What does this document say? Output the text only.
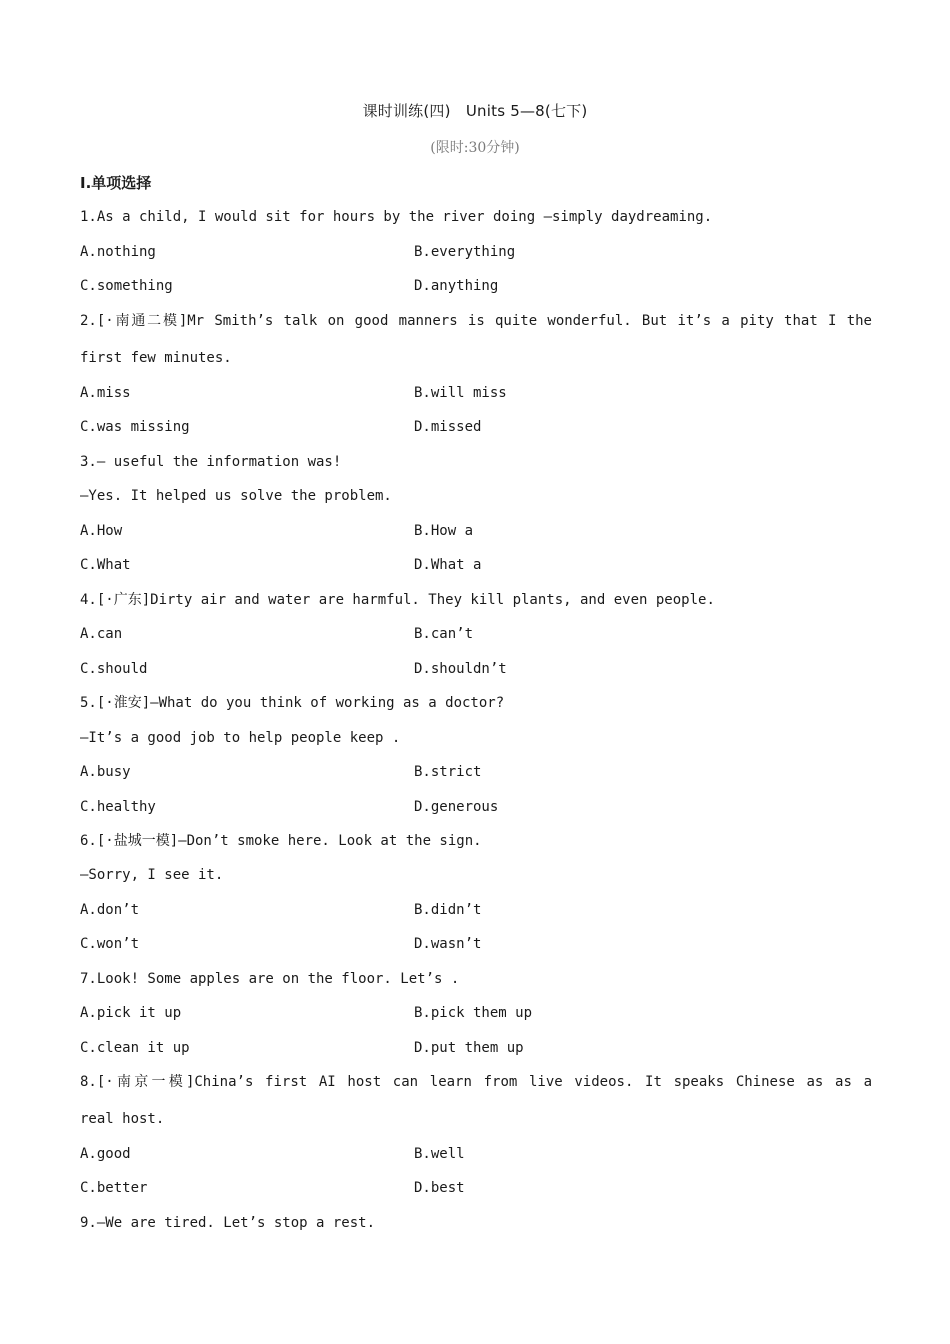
课时训练(四)　Units 5—8(七下)
(限时:30分钟)
Ⅰ.单项选择
1.As a child, I would sit for hours by the river doing —simply daydreaming.
A.nothing	B.everything
C.something	D.anything
2.[·南通二模]Mr Smith’s talk on good manners is quite wonderful. But it’s a pity that I the
first few minutes.
A.miss	B.will miss
C.was missing	D.missed
3.— useful the information was!
—Yes. It helped us solve the problem.
A.How	B.How a
C.What	D.What a
4.[·广东]Dirty air and water are harmful. They kill plants, and even people.
A.can	B.can’t
C.should	D.shouldn’t
5.[·淮安]—What do you think of working as a doctor?
—It’s a good job to help people keep .
A.busy	B.strict
C.healthy	D.generous
6.[·盐城一模]—Don’t smoke here. Look at the sign.
—Sorry, I see it.
A.don’t	B.didn’t
C.won’t	D.wasn’t
7.Look! Some apples are on the floor. Let’s .
A.pick it up	B.pick them up
C.clean it up	D.put them up
8.[·南京一模]China’s first AI host can learn from live videos. It speaks Chinese as as a
real host.
A.good	B.well
C.better	D.best
9.—We are tired. Let’s stop a rest.
